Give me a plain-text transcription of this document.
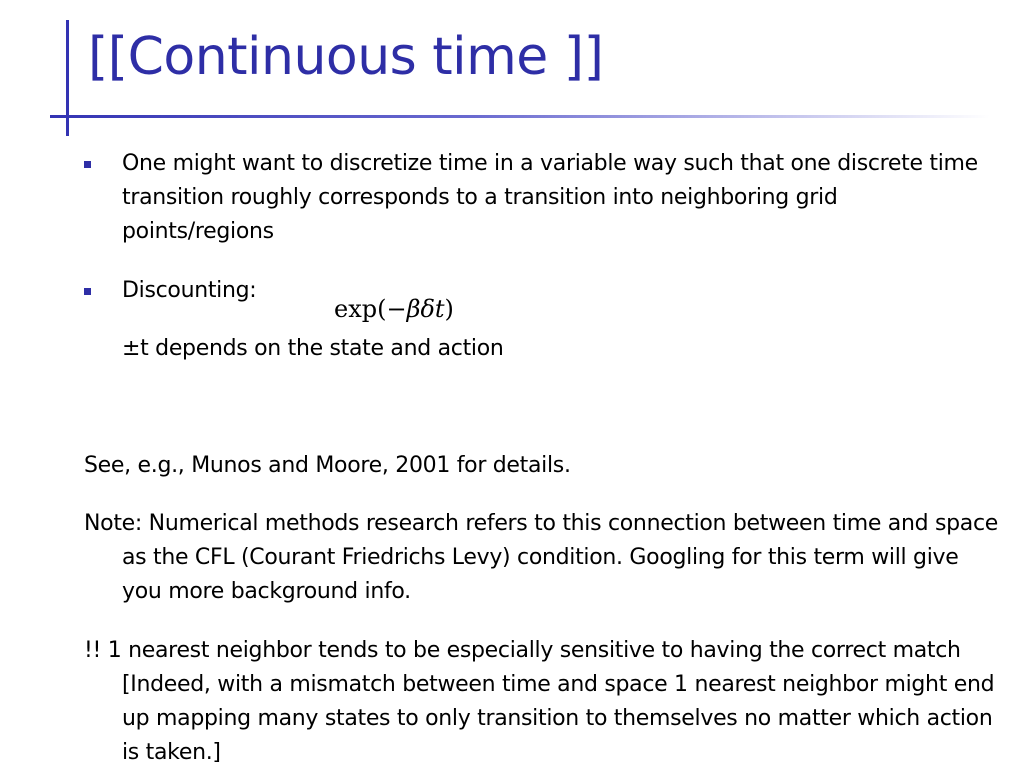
[[Continuous time ]]
One might want to discretize time in a variable way such that one discrete time transition roughly corresponds to a transition into neighboring grid points/regions
Discounting:
exp(−βδt)
±t depends on the state and action
See, e.g., Munos and Moore, 2001 for details.
Note: Numerical methods research refers to this connection between time and space as the CFL (Courant Friedrichs Levy) condition. Googling for this term will give you more background info.
!! 1 nearest neighbor tends to be especially sensitive to having the correct match [Indeed, with a mismatch between time and space 1 nearest neighbor might end up mapping many states to only transition to themselves no matter which action is taken.]
